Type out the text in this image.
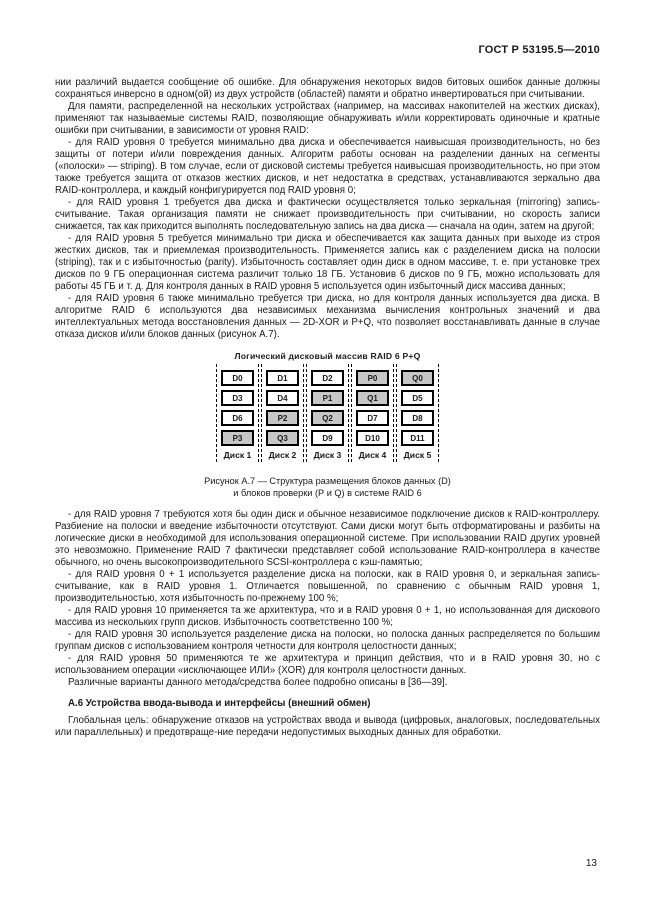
ГОСТ Р 53195.5—2010

нии различий выдается сообщение об ошибке. Для обнаружения некоторых видов битовых ошибок данные должны сохраняться инверсно в одном(ой) из двух устройств (областей) памяти и обратно инвертироваться при считывании.

Для памяти, распределенной на нескольких устройствах (например, на массивах накопителей на жестких дисках), применяют так называемые системы RAID, позволяющие обнаруживать и/или корректировать одиночные и кратные ошибки при считывании, в зависимости от уровня RAID:

- для RAID уровня 0 требуется минимально два диска и обеспечивается наивысшая производительность, но без защиты от потери и/или повреждения данных. Алгоритм работы основан на разделении данных на сегменты («полоски» — striping). В том случае, если от дисковой системы требуется наивысшая производительность, но при этом также требуется защита от отказов жестких дисков, и нет недостатка в средствах, устанавливаются зеркально два RAID-контроллера, и каждый конфигурируется под RAID уровня 0;

- для RAID уровня 1 требуется два диска и фактически осуществляется только зеркальная (mirroring) запись-считывание. Такая организация памяти не снижает производительность при считывании, но скорость записи снижается, так как приходится выполнять последовательную запись на два диска — сначала на один, затем на другой;

- для RAID уровня 5 требуется минимально три диска и обеспечивается как защита данных при выходе из строя жестких дисков, так и приемлемая производительность. Применяется запись как с разделением диска на полоски (striping), так и с избыточностью (parity). Избыточность составляет один диск в одном массиве, т. е. при установке трех дисков по 9 ГБ операционная система различит только 18 ГБ. Установив 6 дисков по 9 ГБ, можно использовать для работы 45 ГБ и т. д. Для контроля данных в RAID уровня 5 используется один избыточный диск массива данных;

- для RAID уровня 6 также минимально требуется три диска, но для контроля данных используется два диска. В алгоритме RAID 6 используются два независимых механизма вычисления контрольных значений и два интеллектуальных метода восстановления данных — 2D-XOR и P+Q, что позволяет восстанавливать данные в случае отказа дисков и/или блоков данных (рисунок А.7).

Логический дисковый массив RAID 6 P+Q

D0
D3
D6
P3
Диск 1
D1
D4
P2
Q3
Диск 2
D2
P1
Q2
D9
Диск 3
P0
Q1
D7
D10
Диск 4
Q0
D5
D8
D11
Диск 5
Рисунок А.7 — Структура размещения блоков данных (D)
и блоков проверки (Р и Q) в системе RAID 6

- для RAID уровня 7 требуются хотя бы один диск и обычное независимое подключение дисков к RAID-контроллеру. Разбиение на полоски и введение избыточности отсутствуют. Сами диски могут быть отформатированы и разбиты на логические диски в необходимой для использования операционной системе. При использовании RAID других уровней это невозможно. Применение RAID 7 фактически представляет собой использование RAID-контроллера в качестве обычного, но очень высокопроизводительного SCSI-контроллера с кэш-памятью;

- для RAID уровня 0 + 1 используется разделение диска на полоски, как в RAID уровня 0, и зеркальная запись-считывание, как в RAID уровня 1. Отличается повышенной, по сравнению с обычным RAID уровня 1, производительностью, хотя избыточность по-прежнему 100 %;

- для RAID уровня 10 применяется та же архитектура, что и в RAID уровня 0 + 1, но использованная для дискового массива из нескольких групп дисков. Избыточность соответственно 100 %;

- для RAID уровня 30 используется разделение диска на полоски, но полоска данных распределяется по большим группам дисков с использованием контроля четности для контроля целостности данных;

- для RAID уровня 50 применяются те же архитектура и принцип действия, что и в RAID уровня 30, но с использованием операции «исключающее ИЛИ» (XOR) для контроля целостности данных.

Различные варианты данного метода/средства более подробно описаны в [36—39].

А.6 Устройства ввода-вывода и интерфейсы (внешний обмен)

Глобальная цель: обнаружение отказов на устройствах ввода и вывода (цифровых, аналоговых, последовательных или параллельных) и предотвраще-ние передачи недопустимых выходных данных для обработки.

13
